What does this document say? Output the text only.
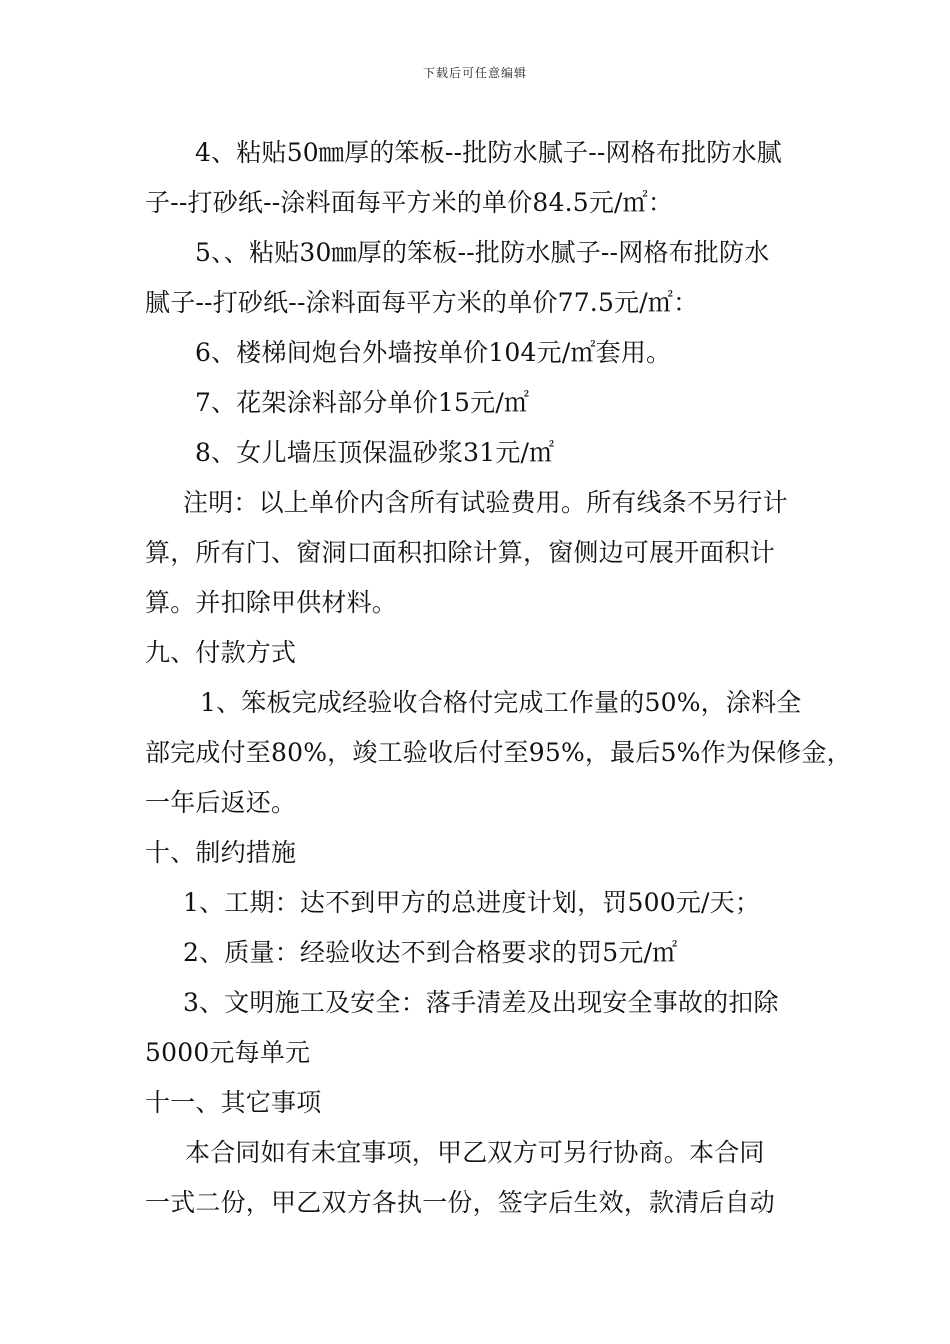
下载后可任意编辑
4、粘贴50㎜厚的笨板--批防水腻子--网格布批防水腻
子--打砂纸--涂料面每平方米的单价84.5元/㎡：
5、、粘贴30㎜厚的笨板--批防水腻子--网格布批防水
腻子--打砂纸--涂料面每平方米的单价77.5元/㎡：
6、楼梯间炮台外墙按单价104元/㎡套用。
7、花架涂料部分单价15元/㎡
8、女儿墙压顶保温砂浆31元/㎡
注明：以上单价内含所有试验费用。所有线条不另行计
算，所有门、窗洞口面积扣除计算，窗侧边可展开面积计
算。并扣除甲供材料。
九、付款方式
1、笨板完成经验收合格付完成工作量的50%，涂料全
部完成付至80%，竣工验收后付至95%，最后5%作为保修金，
一年后返还。
十、制约措施
1、工期：达不到甲方的总进度计划，罚500元/天；
2、质量：经验收达不到合格要求的罚5元/㎡
3、文明施工及安全：落手清差及出现安全事故的扣除
5000元每单元
十一、其它事项
本合同如有未宜事项，甲乙双方可另行协商。本合同
一式二份，甲乙双方各执一份，签字后生效，款清后自动
